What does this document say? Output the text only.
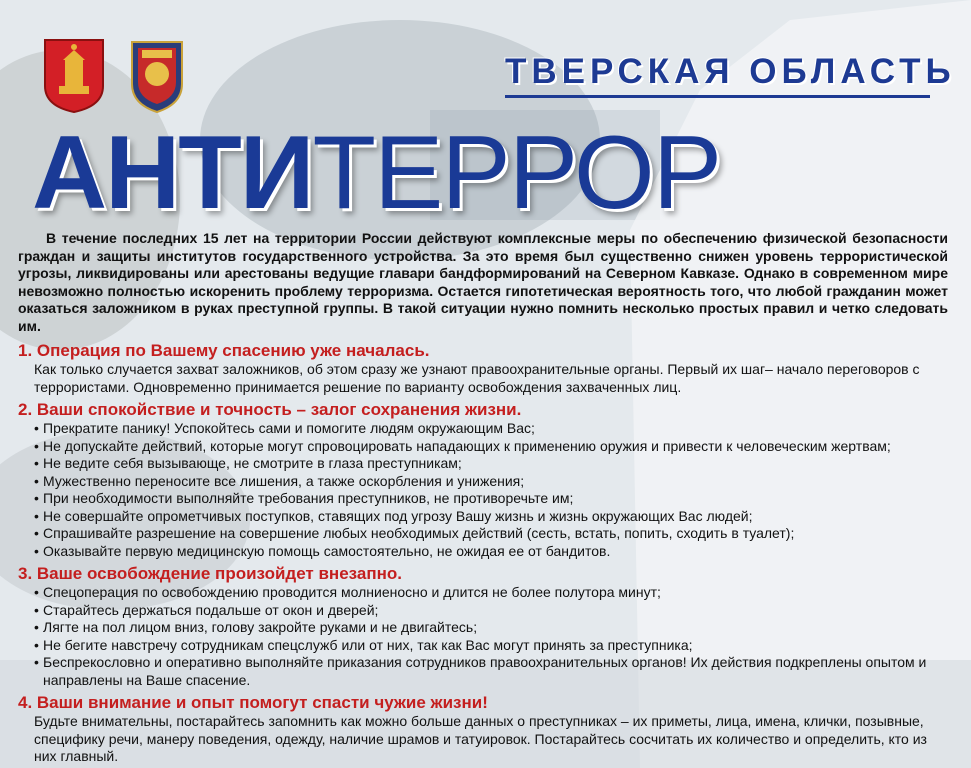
ТВЕРСКАЯ ОБЛАСТЬ
АНТИТЕРРОР

В течение последних 15 лет на территории России действуют комплексные меры по обеспечению физической безопасности граждан и защиты институтов государственного устройства. За это время был существенно снижен уровень террористической угрозы, ликвидированы или арестованы ведущие главари бандформирований на Северном Кавказе. Однако в современном мире невозможно полностью искоренить проблему терроризма. Остается гипотетическая вероятность того, что любой гражданин может оказаться заложником в руках преступной группы. В такой ситуации нужно помнить несколько простых правил и четко следовать им.

1. Операция по Вашему спасению уже началась.

Как только случается захват заложников, об этом сразу же узнают правоохранительные органы. Первый их шаг– начало переговоров с террористами. Одновременно принимается решение по варианту освобождения захваченных лиц.

2. Ваши спокойствие и точность – залог сохранения жизни.
• Прекратите панику! Успокойтесь сами и помогите людям окружающим Вас;
• Не допускайте действий, которые могут спровоцировать нападающих к применению оружия и привести к человеческим жертвам;
• Не ведите себя вызывающе, не смотрите в глаза преступникам;
• Мужественно переносите все лишения, а также оскорбления и унижения;
• При необходимости выполняйте требования преступников, не противоречьте им;
• Не совершайте опрометчивых поступков, ставящих под угрозу Вашу жизнь и жизнь окружающих Вас людей;
• Спрашивайте разрешение на совершение любых необходимых действий (сесть, встать, попить, сходить в туалет);
• Оказывайте первую медицинскую помощь самостоятельно, не ожидая ее от бандитов.
3. Ваше освобождение произойдет внезапно.
• Спецоперация по освобождению проводится молниеносно и длится не более полутора минут;
• Старайтесь держаться подальше от окон и дверей;
• Лягте на пол лицом вниз, голову закройте руками и не двигайтесь;
• Не бегите навстречу сотрудникам спецслужб или от них, так как Вас могут принять за преступника;
• Беспрекословно и оперативно выполняйте приказания сотрудников правоохранительных органов! Их действия подкреплены опытом и направлены на Ваше спасение.
4. Ваши внимание и опыт помогут спасти чужие жизни!

Будьте внимательны, постарайтесь запомнить как можно больше данных о преступниках – их приметы, лица, имена, клички, позывные, специфику речи, манеру поведения, одежду, наличие шрамов и татуировок. Постарайтесь сосчитать их количество и определить, кто из них главный.
